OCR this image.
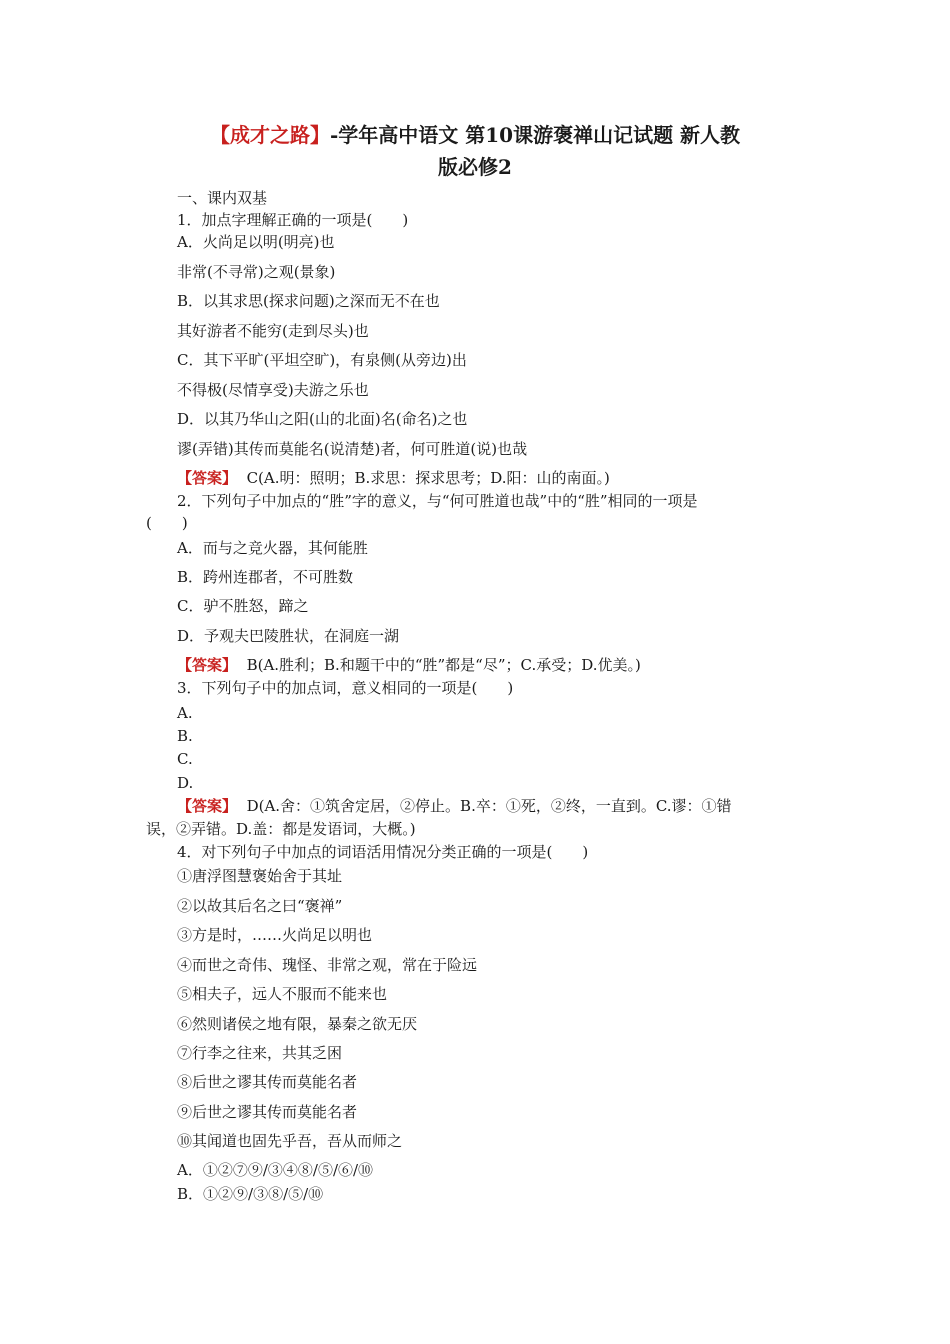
【成才之路】-学年高中语文 第10课游褒禅山记试题 新人教
版必修2
一、课内双基
1．加点字理解正确的一项是(　　)
A．火尚足以明(明亮)也
非常(不寻常)之观(景象)
B．以其求思(探求问题)之深而无不在也
其好游者不能穷(走到尽头)也
C．其下平旷(平坦空旷)，有泉侧(从旁边)出
不得极(尽情享受)夫游之乐也
D．以其乃华山之阳(山的北面)名(命名)之也
谬(弄错)其传而莫能名(说清楚)者，何可胜道(说)也哉
【答案】 C(A.明：照明；B.求思：探求思考；D.阳：山的南面。)
2．下列句子中加点的“胜”字的意义，与“何可胜道也哉”中的“胜”相同的一项是
(　　)
A．而与之竞火器，其何能胜
B．跨州连郡者，不可胜数
C．驴不胜怒，蹄之
D．予观夫巴陵胜状，在洞庭一湖
【答案】 B(A.胜利；B.和题干中的“胜”都是“尽”；C.承受；D.优美。)
3．下列句子中的加点词，意义相同的一项是(　　)
A.
B.
C.
D.
【答案】 D(A.舍：①筑舍定居，②停止。B.卒：①死，②终，一直到。C.谬：①错
误，②弄错。D.盖：都是发语词，大概。)
4．对下列句子中加点的词语活用情况分类正确的一项是(　　)
①唐浮图慧褒始舍于其址
②以故其后名之曰“褒禅”
③方是时，……火尚足以明也
④而世之奇伟、瑰怪、非常之观，常在于险远
⑤相夫子，远人不服而不能来也
⑥然则诸侯之地有限，暴秦之欲无厌
⑦行李之往来，共其乏困
⑧后世之谬其传而莫能名者
⑨后世之谬其传而莫能名者
⑩其闻道也固先乎吾，吾从而师之
A．①②⑦⑨/③④⑧/⑤/⑥/⑩
B．①②⑨/③⑧/⑤/⑩
